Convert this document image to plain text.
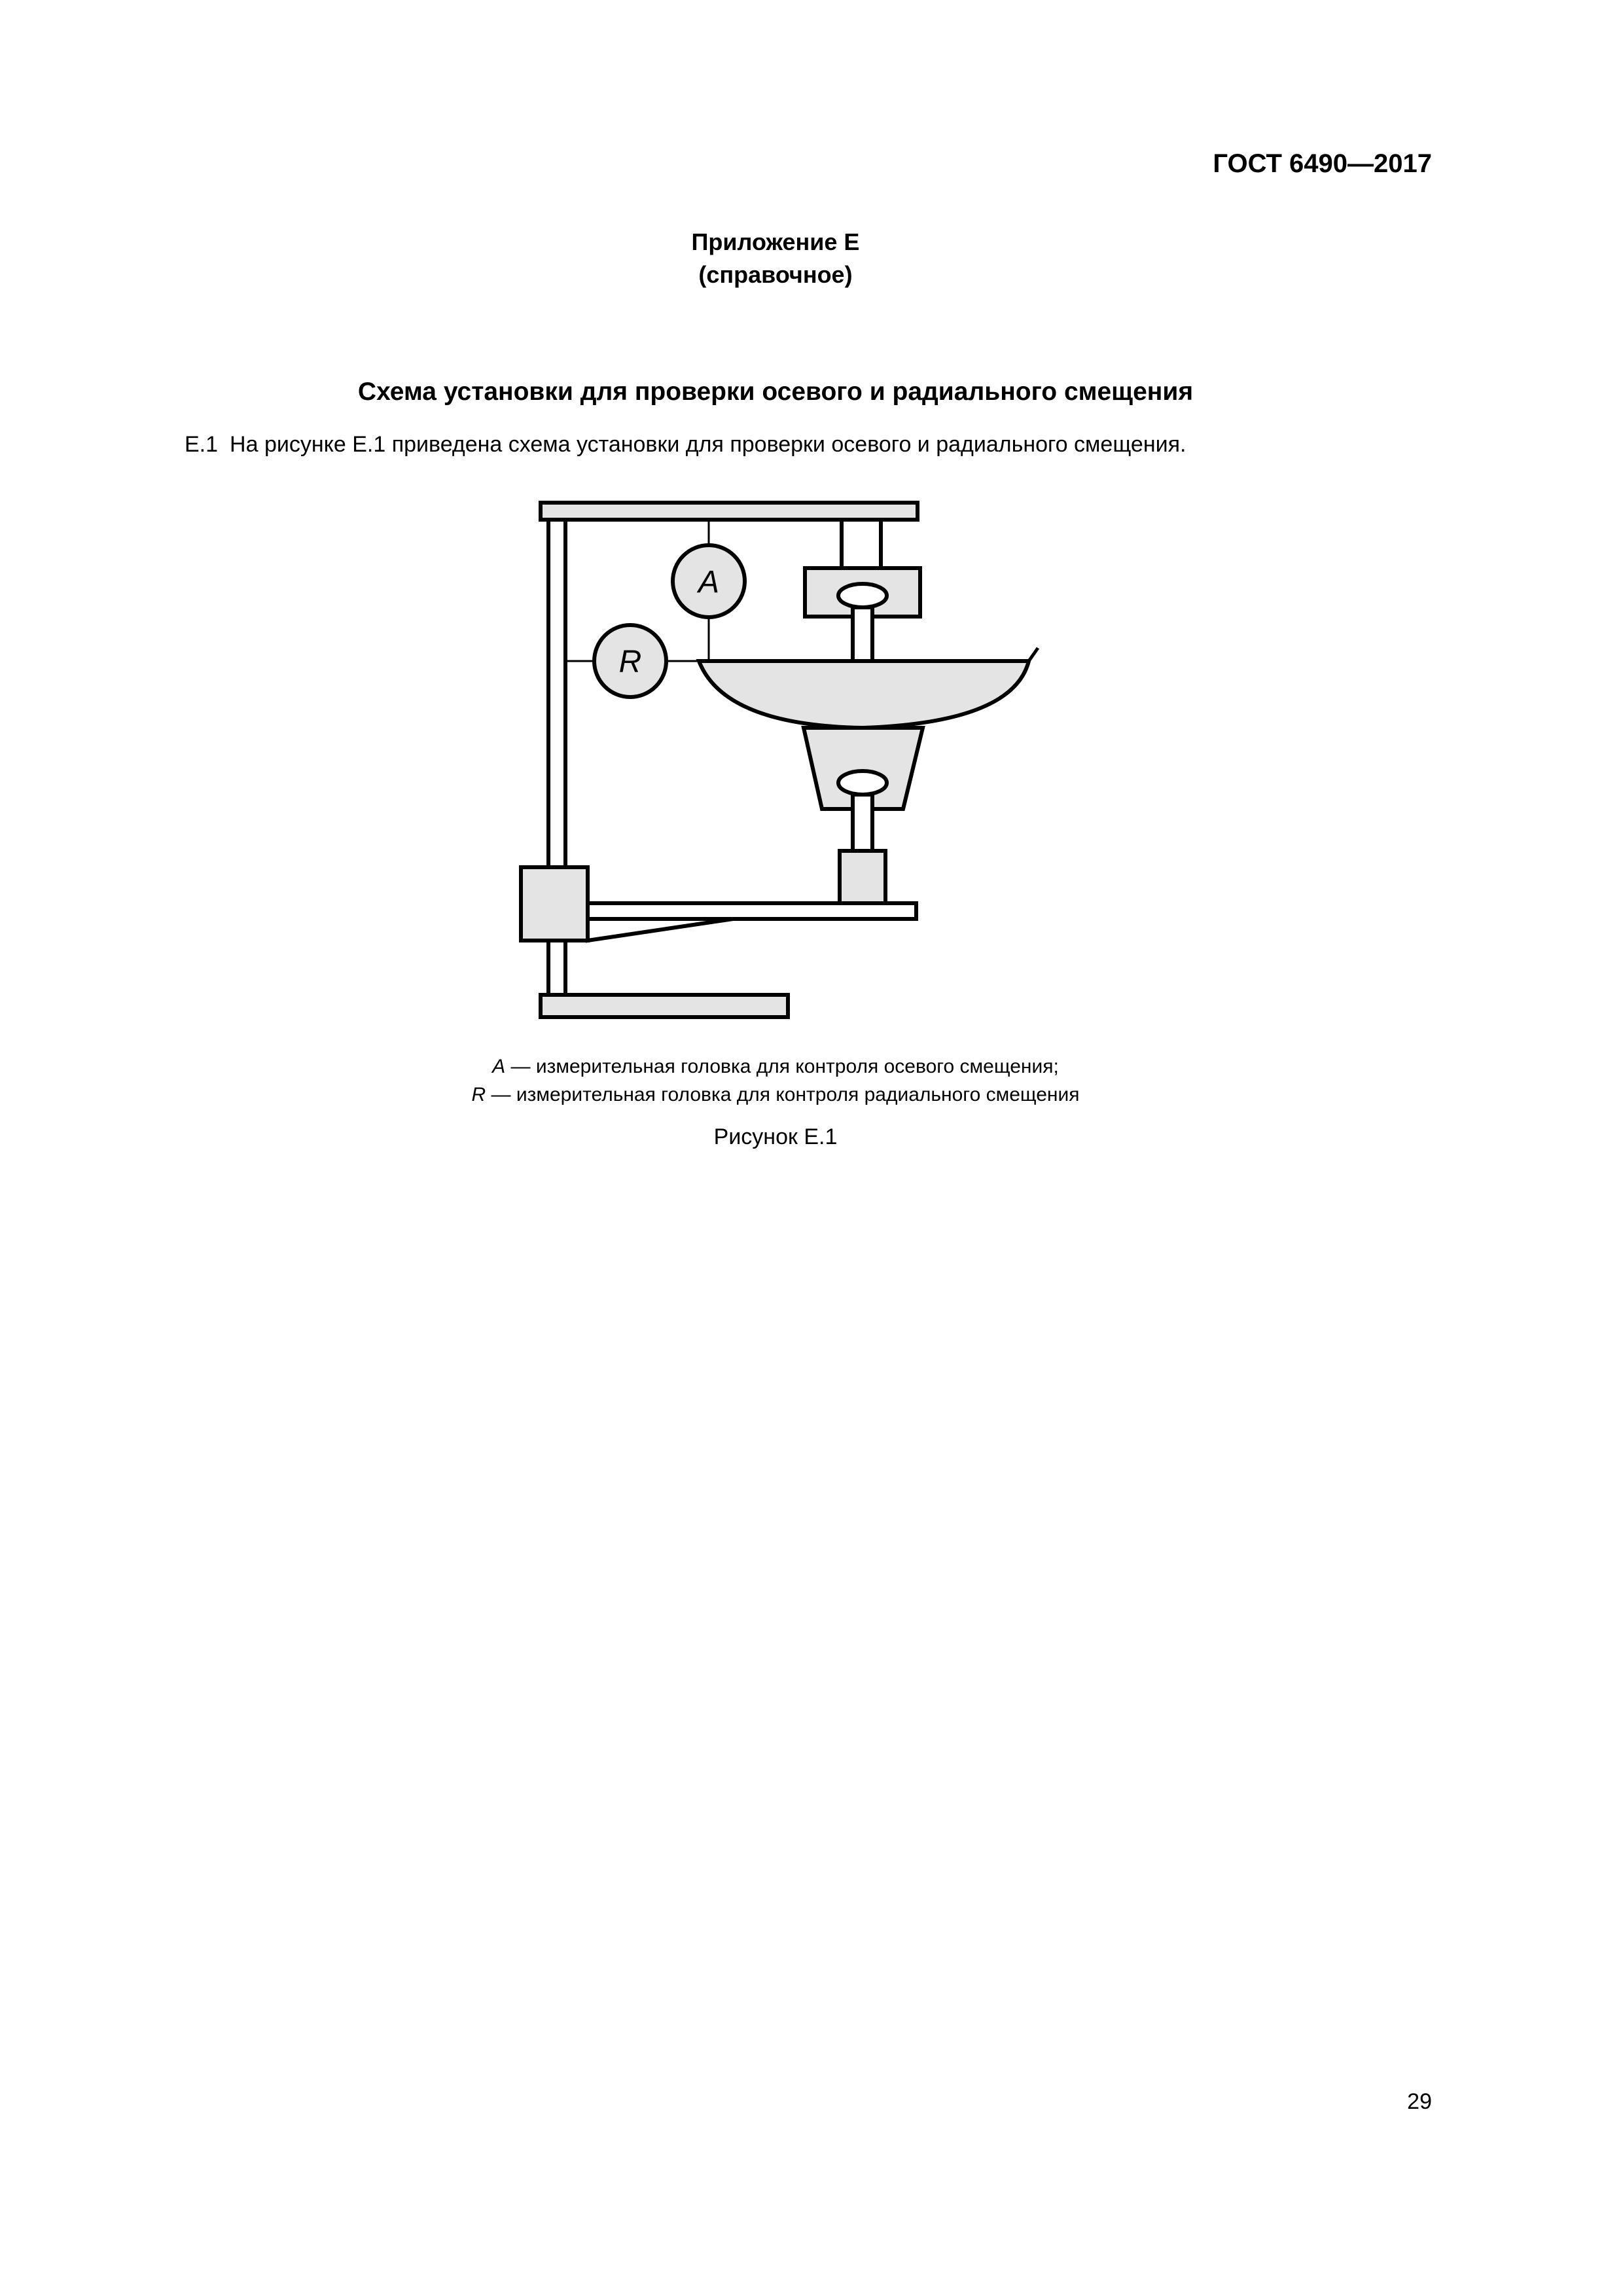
ГОСТ 6490—2017
Приложение Е
(справочное)
Схема установки для проверки осевого и радиального смещения
Е.1 На рисунке Е.1 приведена схема установки для проверки осевого и радиального смещения.
A
R
A — измерительная головка для контроля осевого смещения;
R — измерительная головка для контроля радиального смещения
Рисунок Е.1
29
